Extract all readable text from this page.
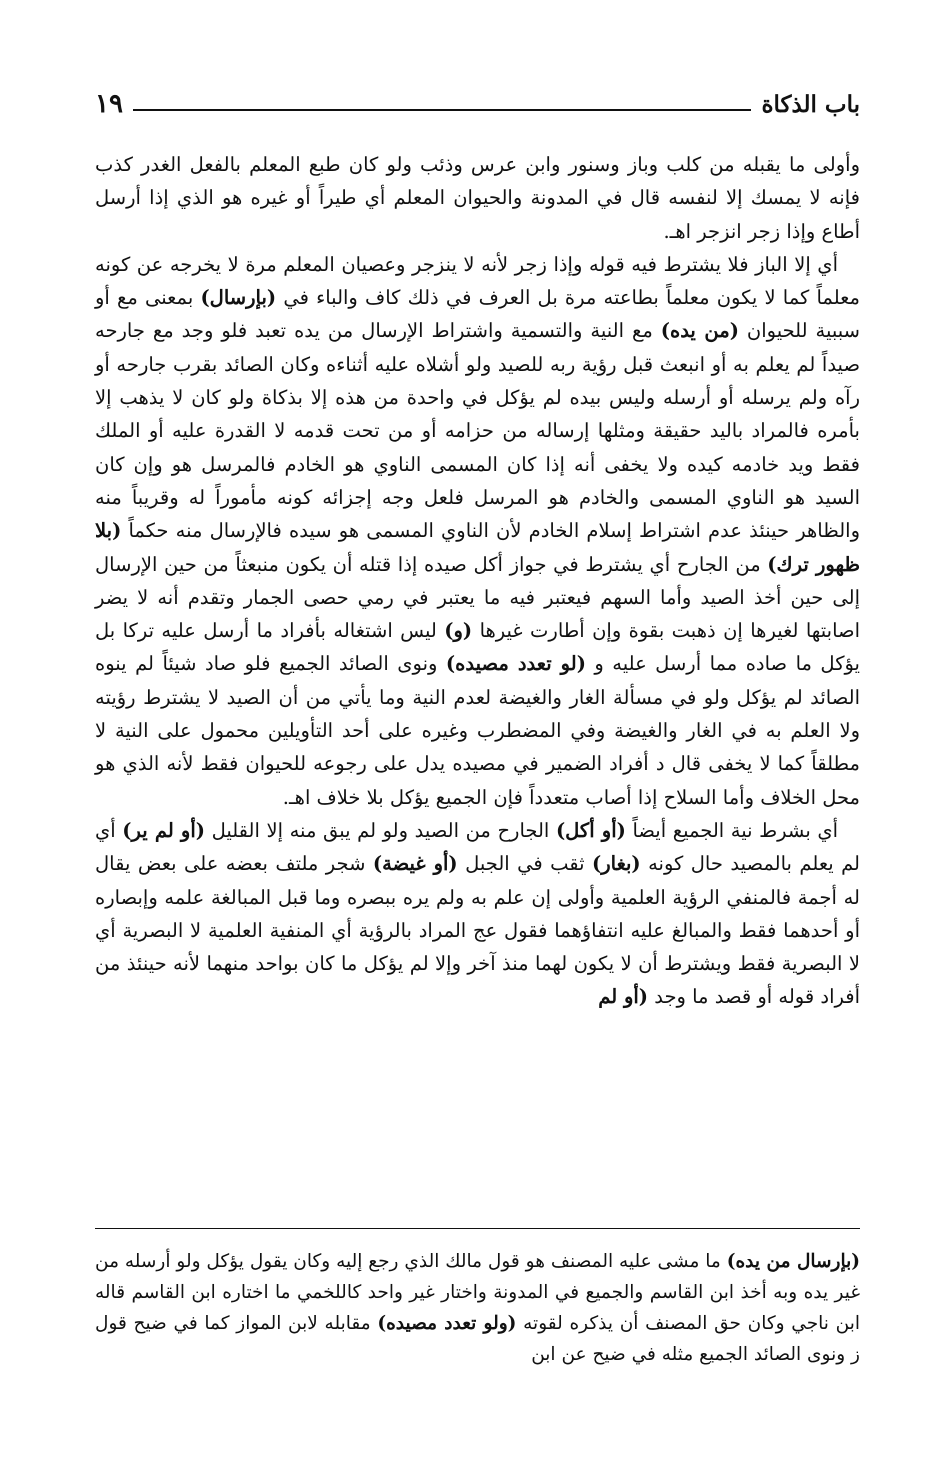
باب الذكاة
١٩

وأولى ما يقبله من كلب وباز وسنور وابن عرس وذئب ولو كان طبع المعلم بالفعل الغدر كذب فإنه لا يمسك إلا لنفسه قال في المدونة والحيوان المعلم أي طيراً أو غيره هو الذي إذا أرسل أطاع وإذا زجر انزجر اهـ.

أي إلا الباز فلا يشترط فيه قوله وإذا زجر لأنه لا ينزجر وعصيان المعلم مرة لا يخرجه عن كونه معلماً كما لا يكون معلماً بطاعته مرة بل العرف في ذلك كاف والباء في (بإرسال) بمعنى مع أو سببية للحيوان (من يده) مع النية والتسمية واشتراط الإرسال من يده تعبد فلو وجد مع جارحه صيداً لم يعلم به أو انبعث قبل رؤية ربه للصيد ولو أشلاه عليه أثناءه وكان الصائد بقرب جارحه أو رآه ولم يرسله أو أرسله وليس بيده لم يؤكل في واحدة من هذه إلا بذكاة ولو كان لا يذهب إلا بأمره فالمراد باليد حقيقة ومثلها إرساله من حزامه أو من تحت قدمه لا القدرة عليه أو الملك فقط ويد خادمه كيده ولا يخفى أنه إذا كان المسمى الناوي هو الخادم فالمرسل هو وإن كان السيد هو الناوي المسمى والخادم هو المرسل فلعل وجه إجزائه كونه مأموراً له وقريباً منه والظاهر حينئذ عدم اشتراط إسلام الخادم لأن الناوي المسمى هو سيده فالإرسال منه حكماً (بلا ظهور ترك) من الجارح أي يشترط في جواز أكل صيده إذا قتله أن يكون منبعثاً من حين الإرسال إلى حين أخذ الصيد وأما السهم فيعتبر فيه ما يعتبر في رمي حصى الجمار وتقدم أنه لا يضر اصابتها لغيرها إن ذهبت بقوة وإن أطارت غيرها (و) ليس اشتغاله بأفراد ما أرسل عليه تركا بل يؤكل ما صاده مما أرسل عليه و (لو تعدد مصيده) ونوى الصائد الجميع فلو صاد شيئاً لم ينوه الصائد لم يؤكل ولو في مسألة الغار والغيضة لعدم النية وما يأتي من أن الصيد لا يشترط رؤيته ولا العلم به في الغار والغيضة وفي المضطرب وغيره على أحد التأويلين محمول على النية لا مطلقاً كما لا يخفى قال د أفراد الضمير في مصيده يدل على رجوعه للحيوان فقط لأنه الذي هو محل الخلاف وأما السلاح إذا أصاب متعدداً فإن الجميع يؤكل بلا خلاف اهـ.

أي بشرط نية الجميع أيضاً (أو أكل) الجارح من الصيد ولو لم يبق منه إلا القليل (أو لم ير) أي لم يعلم بالمصيد حال كونه (بغار) ثقب في الجبل (أو غيضة) شجر ملتف بعضه على بعض يقال له أجمة فالمنفي الرؤية العلمية وأولى إن علم به ولم يره ببصره وما قبل المبالغة علمه وإبصاره أو أحدهما فقط والمبالغ عليه انتفاؤهما فقول عج المراد بالرؤية أي المنفية العلمية لا البصرية أي لا البصرية فقط ويشترط أن لا يكون لهما منذ آخر وإلا لم يؤكل ما كان بواحد منهما لأنه حينئذ من أفراد قوله أو قصد ما وجد (أو لم

(بإرسال من يده) ما مشى عليه المصنف هو قول مالك الذي رجع إليه وكان يقول يؤكل ولو أرسله من غير يده وبه أخذ ابن القاسم والجميع في المدونة واختار غير واحد كاللخمي ما اختاره ابن القاسم قاله ابن ناجي وكان حق المصنف أن يذكره لقوته (ولو تعدد مصيده) مقابله لابن المواز كما في ضيح قول ز ونوى الصائد الجميع مثله في ضيح عن ابن
